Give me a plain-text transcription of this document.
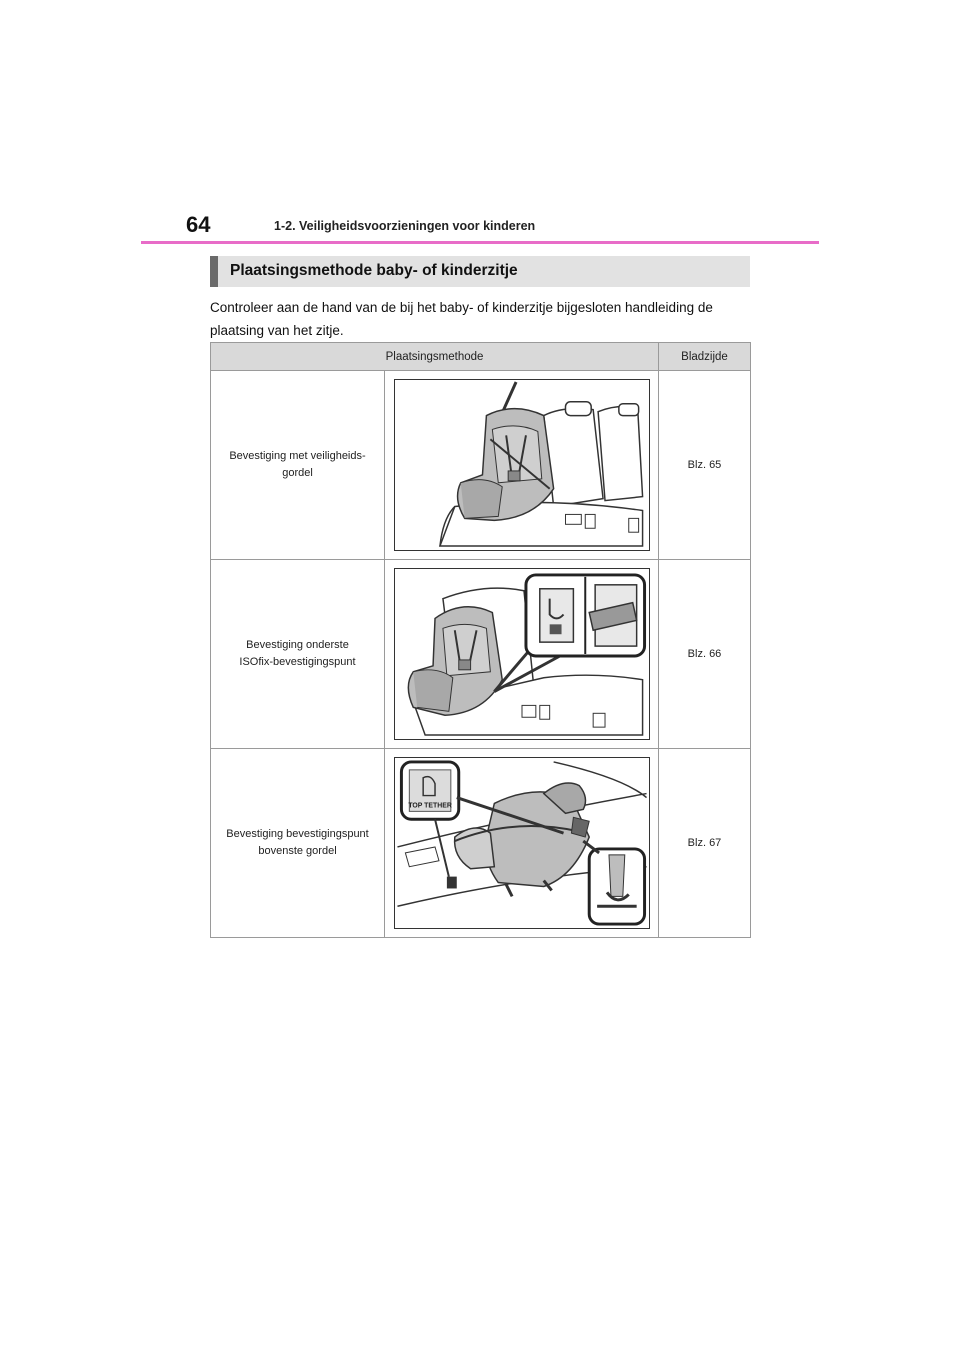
64	1-2. Veiligheidsvoorzieningen voor kinderen
Plaatsingsmethode baby- of kinderzitje
Controleer aan de hand van de bij het baby- of kinderzitje bijgesloten handleiding de plaatsing van het zitje.
Plaatsingsmethode		Bladzijde

Bevestiging met veiligheids-
gordel		Blz. 65

Bevestiging onderste
ISOfix-bevestigingspunt		Blz. 66

Bevestiging bevestigingspunt
bovenste gordel	TOP TETHER	Blz. 67
